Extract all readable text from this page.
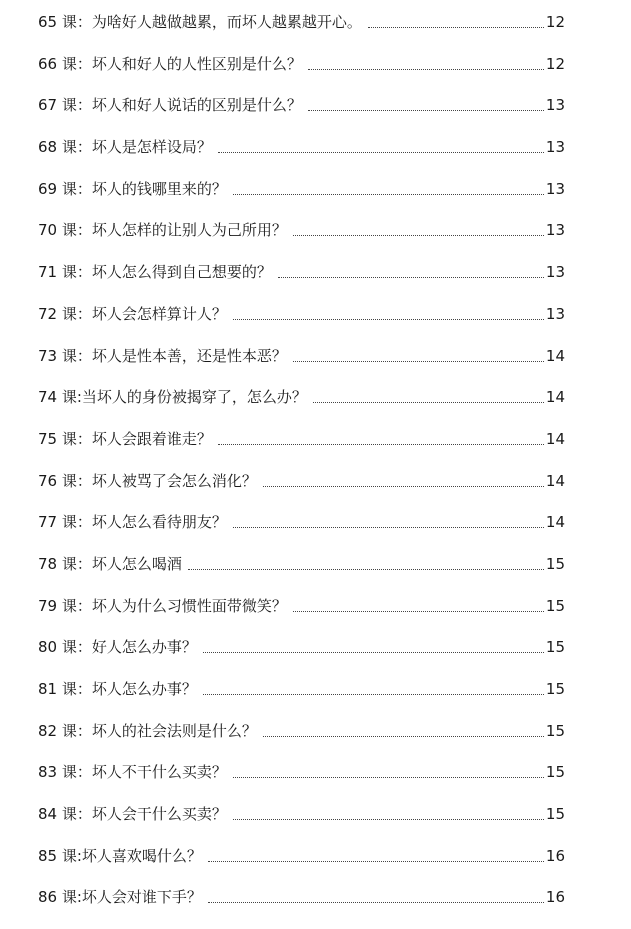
65 课：为啥好人越做越累，而坏人越累越开心。	12
66 课：坏人和好人的人性区别是什么？	12
67 课：坏人和好人说话的区别是什么？	13
68 课：坏人是怎样设局？	13
69 课：坏人的钱哪里来的？	13
70 课：坏人怎样的让别人为己所用？	13
71 课：坏人怎么得到自己想要的？	13
72 课：坏人会怎样算计人？	13
73 课：坏人是性本善，还是性本恶？	14
74 课:当坏人的身份被揭穿了，怎么办？	14
75 课：坏人会跟着谁走？	14
76 课：坏人被骂了会怎么消化？	14
77 课：坏人怎么看待朋友？	14
78 课：坏人怎么喝酒	15
79 课：坏人为什么习惯性面带微笑？	15
80 课：好人怎么办事？	15
81 课：坏人怎么办事？	15
82 课：坏人的社会法则是什么？	15
83 课：坏人不干什么买卖？	15
84 课：坏人会干什么买卖？	15
85 课:坏人喜欢喝什么？	16
86 课:坏人会对谁下手？	16
